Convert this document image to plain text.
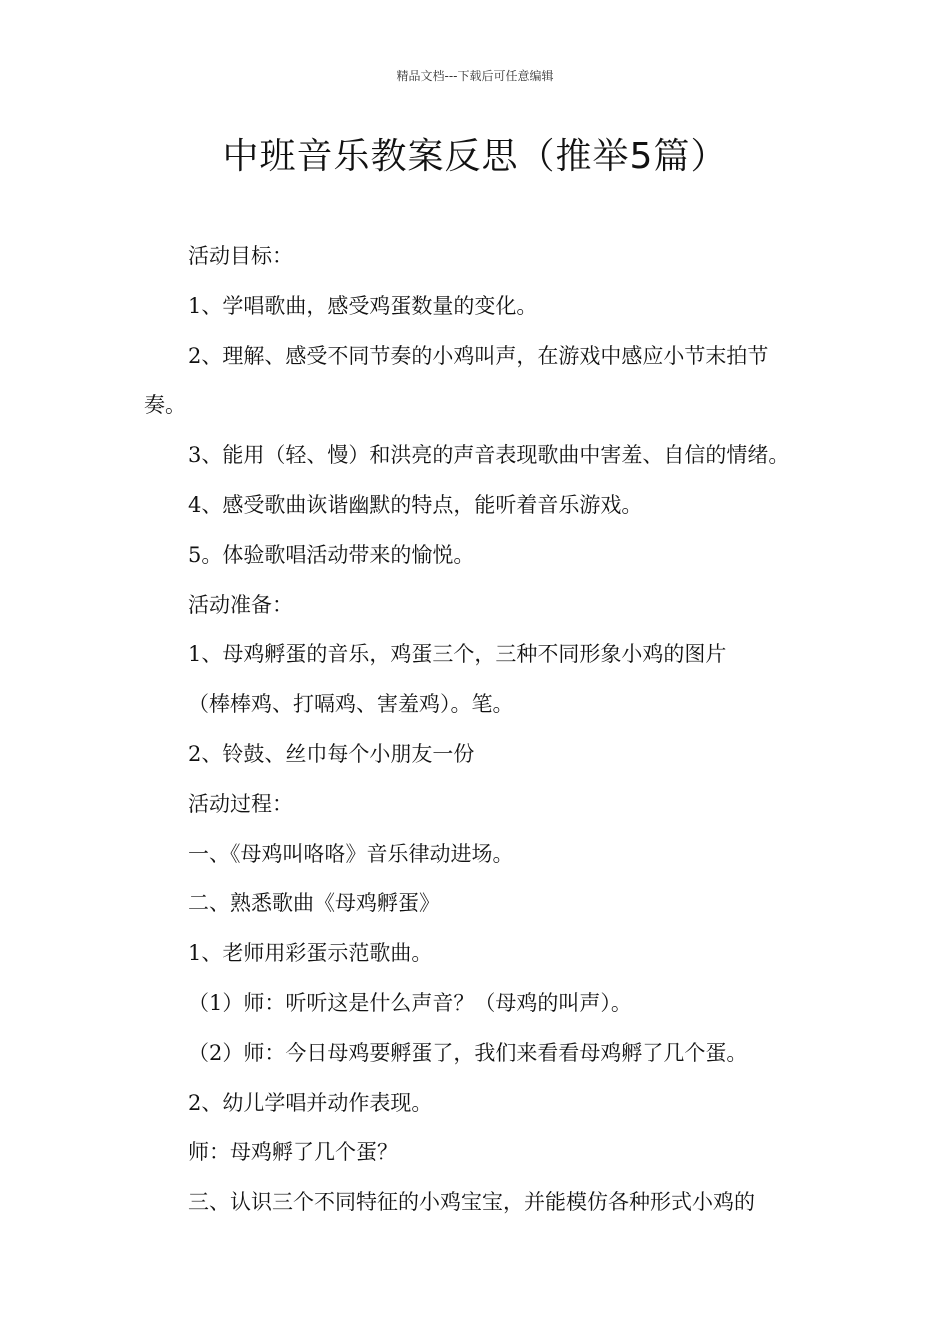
精品文档---下载后可任意编辑
中班音乐教案反思（推举5篇）

活动目标：

1、学唱歌曲，感受鸡蛋数量的变化。

2、理解、感受不同节奏的小鸡叫声，在游戏中感应小节末拍节
奏。

3、能用（轻、慢）和洪亮的声音表现歌曲中害羞、自信的情绪。

4、感受歌曲诙谐幽默的特点，能听着音乐游戏。

5。体验歌唱活动带来的愉悦。

活动准备：

1、母鸡孵蛋的音乐，鸡蛋三个，三种不同形象小鸡的图片

（棒棒鸡、打嗝鸡、害羞鸡）。笔。

2、铃鼓、丝巾每个小朋友一份

活动过程：

一、《母鸡叫咯咯》音乐律动进场。

二、熟悉歌曲《母鸡孵蛋》

1、老师用彩蛋示范歌曲。

（1）师：听听这是什么声音？（母鸡的叫声）。

（2）师：今日母鸡要孵蛋了，我们来看看母鸡孵了几个蛋。

2、幼儿学唱并动作表现。

师：母鸡孵了几个蛋？

三、认识三个不同特征的小鸡宝宝，并能模仿各种形式小鸡的
